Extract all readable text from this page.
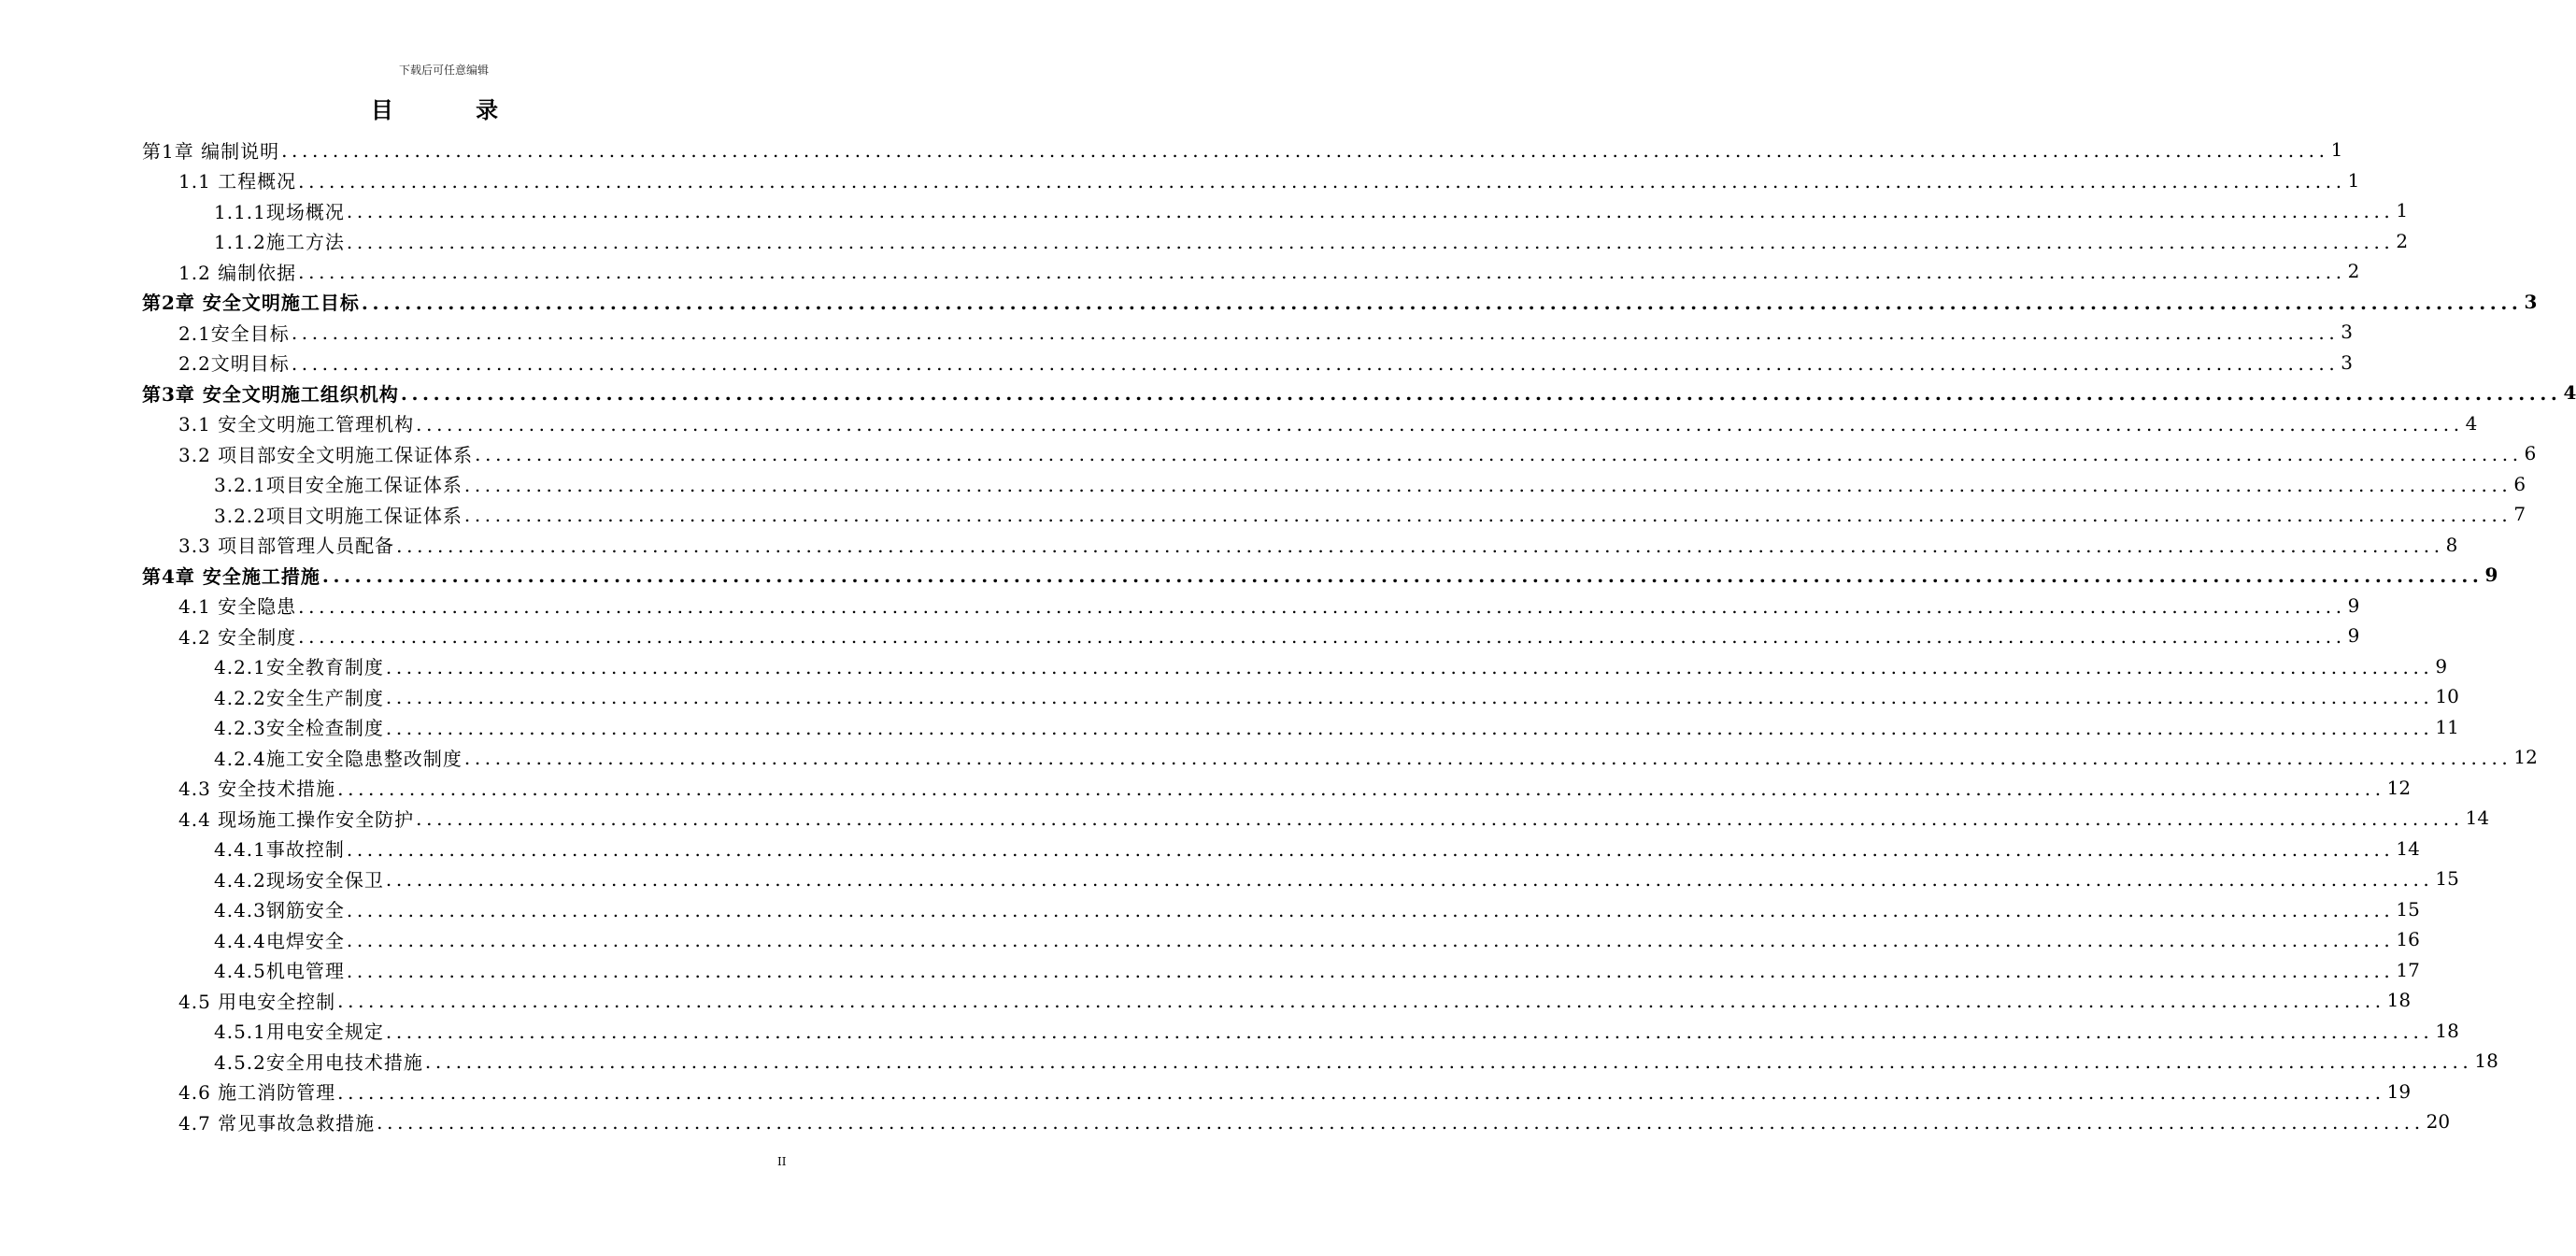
下载后可任意编辑
目 录
第1章 编制说明 ........................................................................................................................................................................................................ 1
1.1 工程概况 ........................................................................................................................................................................................................ 1
1.1.1现场概况 ........................................................................................................................................................................................................ 1
1.1.2施工方法 ........................................................................................................................................................................................................ 2
1.2 编制依据 ........................................................................................................................................................................................................ 2
第2章 安全文明施工目标 ........................................................................................................................................................................................................ 3
2.1安全目标 ........................................................................................................................................................................................................ 3
2.2文明目标 ........................................................................................................................................................................................................ 3
第3章 安全文明施工组织机构 ........................................................................................................................................................................................................ 4
3.1 安全文明施工管理机构 ........................................................................................................................................................................................................ 4
3.2 项目部安全文明施工保证体系 ........................................................................................................................................................................................................ 6
3.2.1项目安全施工保证体系 ........................................................................................................................................................................................................ 6
3.2.2项目文明施工保证体系 ........................................................................................................................................................................................................ 7
3.3 项目部管理人员配备 ........................................................................................................................................................................................................ 8
第4章 安全施工措施 ........................................................................................................................................................................................................ 9
4.1 安全隐患 ........................................................................................................................................................................................................ 9
4.2 安全制度 ........................................................................................................................................................................................................ 9
4.2.1安全教育制度 ........................................................................................................................................................................................................ 9
4.2.2安全生产制度 ........................................................................................................................................................................................................ 10
4.2.3安全检查制度 ........................................................................................................................................................................................................ 11
4.2.4施工安全隐患整改制度 ........................................................................................................................................................................................................ 12
4.3 安全技术措施 ........................................................................................................................................................................................................ 12
4.4 现场施工操作安全防护 ........................................................................................................................................................................................................ 14
4.4.1事故控制 ........................................................................................................................................................................................................ 14
4.4.2现场安全保卫 ........................................................................................................................................................................................................ 15
4.4.3钢筋安全 ........................................................................................................................................................................................................ 15
4.4.4电焊安全 ........................................................................................................................................................................................................ 16
4.4.5机电管理 ........................................................................................................................................................................................................ 17
4.5 用电安全控制 ........................................................................................................................................................................................................ 18
4.5.1用电安全规定 ........................................................................................................................................................................................................ 18
4.5.2安全用电技术措施 ........................................................................................................................................................................................................ 18
4.6 施工消防管理 ........................................................................................................................................................................................................ 19
4.7 常见事故急救措施 ........................................................................................................................................................................................................ 20
II
